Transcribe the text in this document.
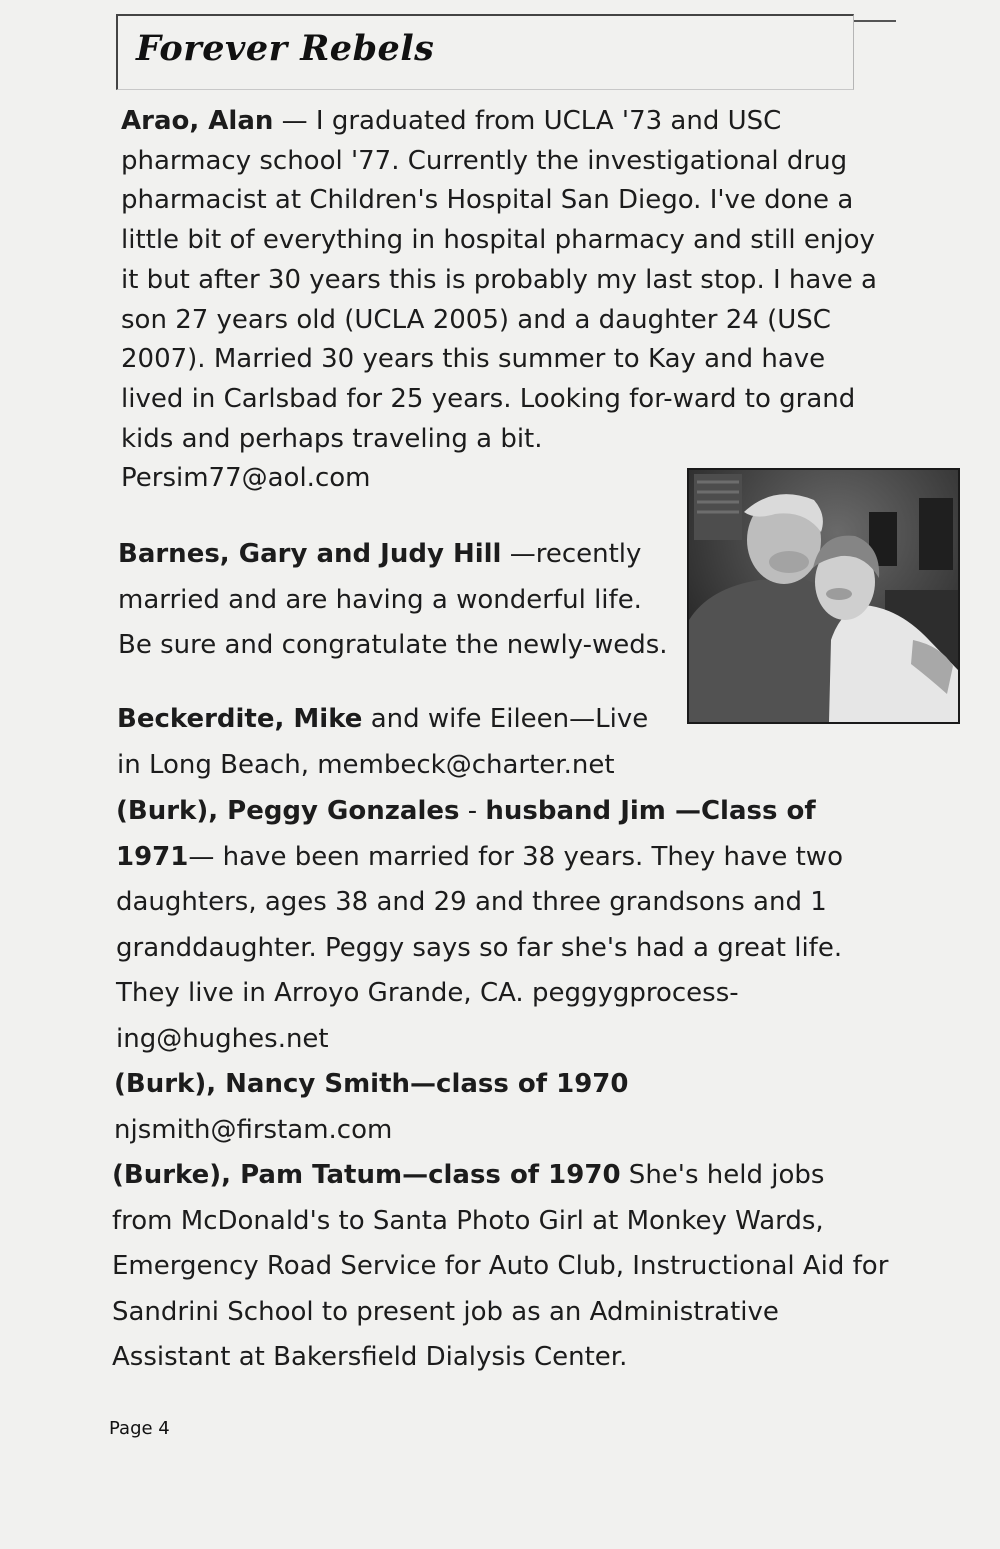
Forever Rebels

Arao, Alan — I graduated from UCLA '73 and USC pharmacy school '77. Currently the investigational drug pharmacist at Children's Hospital San Diego. I've done a little bit of everything in hospital pharmacy and still enjoy it but after 30 years this is probably my last stop. I have a son 27 years old (UCLA 2005) and a daughter 24 (USC 2007). Married 30 years this summer to Kay and have lived in Carlsbad for 25 years. Looking for-ward to grand kids and perhaps traveling a bit.
Persim77@aol.com

Barnes, Gary and Judy Hill —recently married and are having a wonderful life. Be sure and congratulate the newly-weds.

Beckerdite, Mike and wife Eileen—Live in Long Beach, membeck@charter.net

(Burk), Peggy Gonzales - husband Jim —Class of 1971— have been married for 38 years. They have two daughters, ages 38 and 29 and three grandsons and 1 granddaughter. Peggy says so far she's had a great life. They live in Arroyo Grande, CA. peggygprocess-ing@hughes.net

(Burk), Nancy Smith—class of 1970
njsmith@firstam.com

(Burke), Pam Tatum—class of 1970 She's held jobs from McDonald's to Santa Photo Girl at Monkey Wards, Emergency Road Service for Auto Club, Instructional Aid for Sandrini School to present job as an Administrative Assistant at Bakersfield Dialysis Center.

Page 4
